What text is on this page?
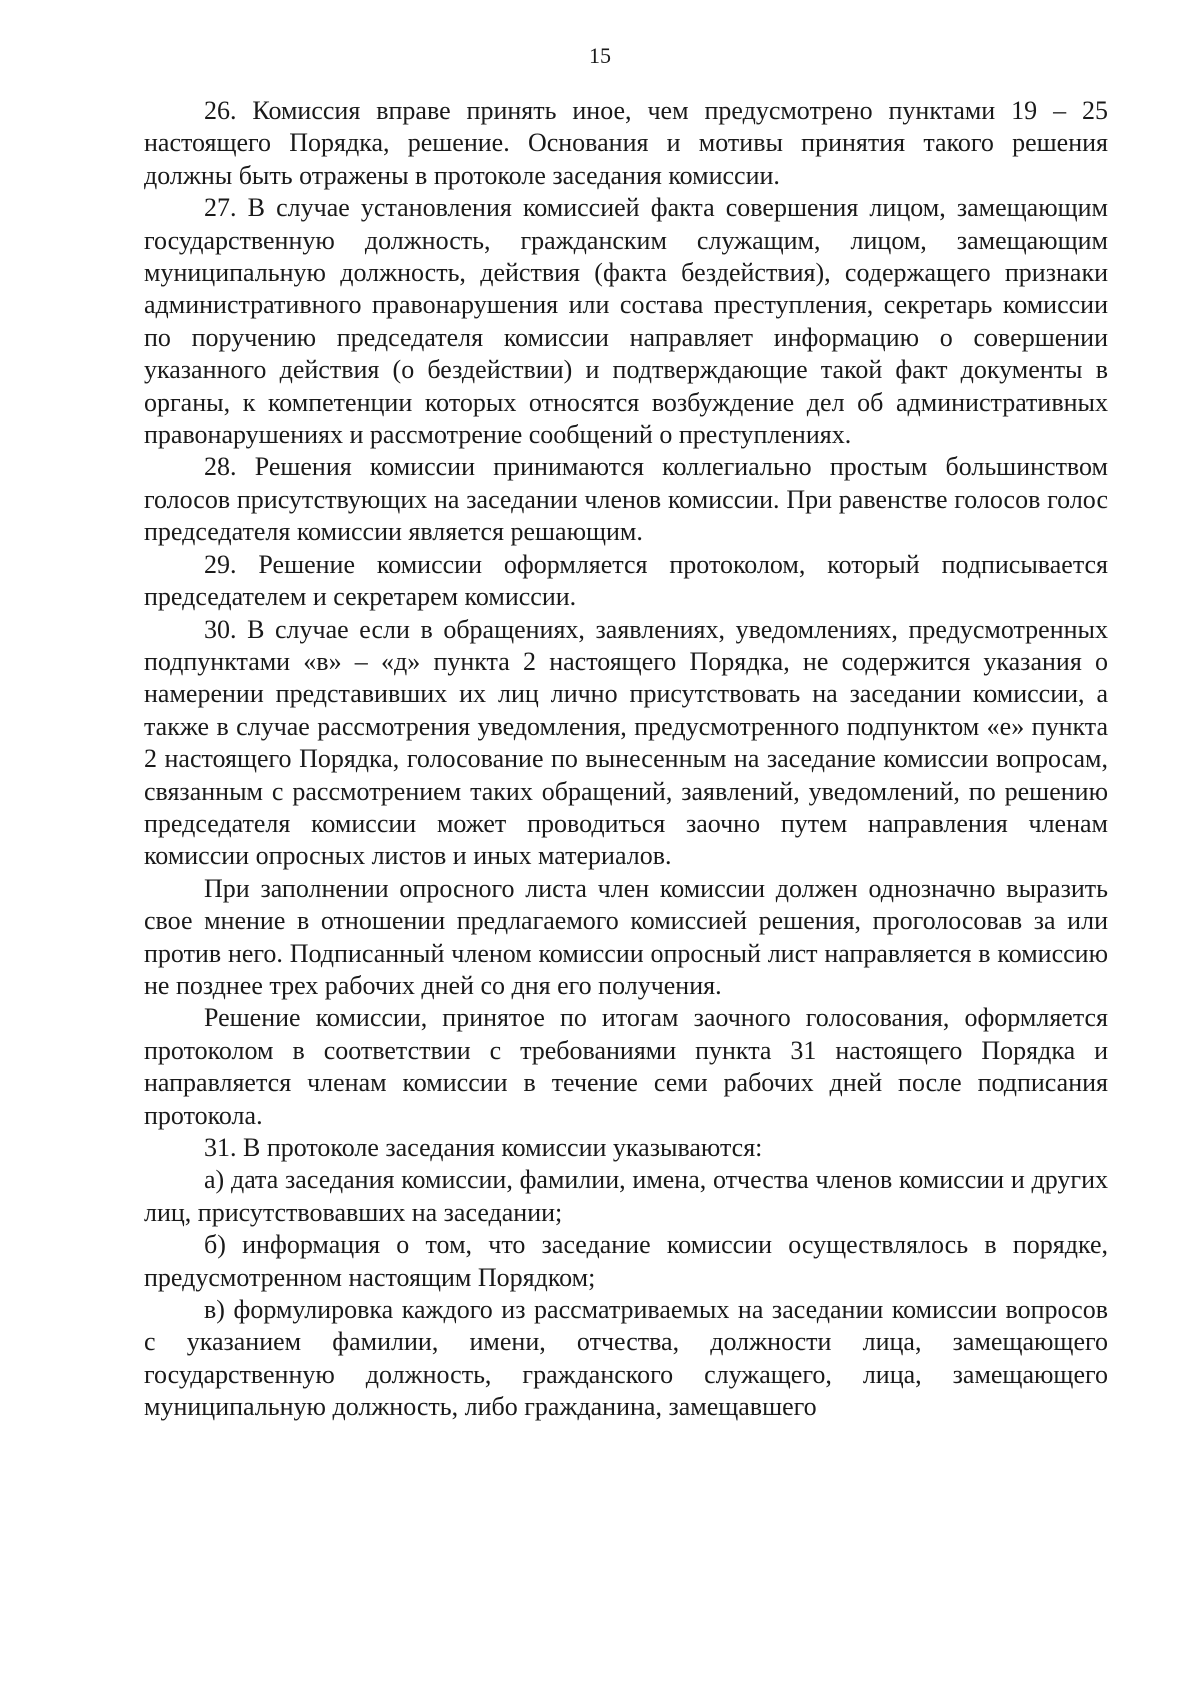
15

26. Комиссия вправе принять иное, чем предусмотрено пунктами 19 – 25 настоящего Порядка, решение. Основания и мотивы принятия такого решения должны быть отражены в протоколе заседания комиссии.

27. В случае установления комиссией факта совершения лицом, замещающим государственную должность, гражданским служащим, лицом, замещающим муниципальную должность, действия (факта бездействия), содержащего признаки административного правонарушения или состава преступления, секретарь комиссии по поручению председателя комиссии направляет информацию о совершении указанного действия (о бездействии) и подтверждающие такой факт документы в органы, к компетенции которых относятся возбуждение дел об административных правонарушениях и рассмотрение сообщений о преступлениях.

28. Решения комиссии принимаются коллегиально простым большинством голосов присутствующих на заседании членов комиссии. При равенстве голосов голос председателя комиссии является решающим.

29. Решение комиссии оформляется протоколом, который подписывается председателем и секретарем комиссии.

30. В случае если в обращениях, заявлениях, уведомлениях, предусмотренных подпунктами «в» – «д» пункта 2 настоящего Порядка, не содержится указания о намерении представивших их лиц лично присутствовать на заседании комиссии, а также в случае рассмотрения уведомления, предусмотренного подпунктом «е» пункта 2 настоящего Порядка, голосование по вынесенным на заседание комиссии вопросам, связанным с рассмотрением таких обращений, заявлений, уведомлений, по решению председателя комиссии может проводиться заочно путем направления членам комиссии опросных листов и иных материалов.

При заполнении опросного листа член комиссии должен однозначно выразить свое мнение в отношении предлагаемого комиссией решения, проголосовав за или против него. Подписанный членом комиссии опросный лист направляется в комиссию не позднее трех рабочих дней со дня его получения.

Решение комиссии, принятое по итогам заочного голосования, оформляется протоколом в соответствии с требованиями пункта 31 настоящего Порядка и направляется членам комиссии в течение семи рабочих дней после подписания протокола.

31. В протоколе заседания комиссии указываются:

а) дата заседания комиссии, фамилии, имена, отчества членов комиссии и других лиц, присутствовавших на заседании;

б) информация о том, что заседание комиссии осуществлялось в порядке, предусмотренном настоящим Порядком;

в) формулировка каждого из рассматриваемых на заседании комиссии вопросов с указанием фамилии, имени, отчества, должности лица, замещающего государственную должность, гражданского служащего, лица, замещающего муниципальную должность, либо гражданина, замещавшего
